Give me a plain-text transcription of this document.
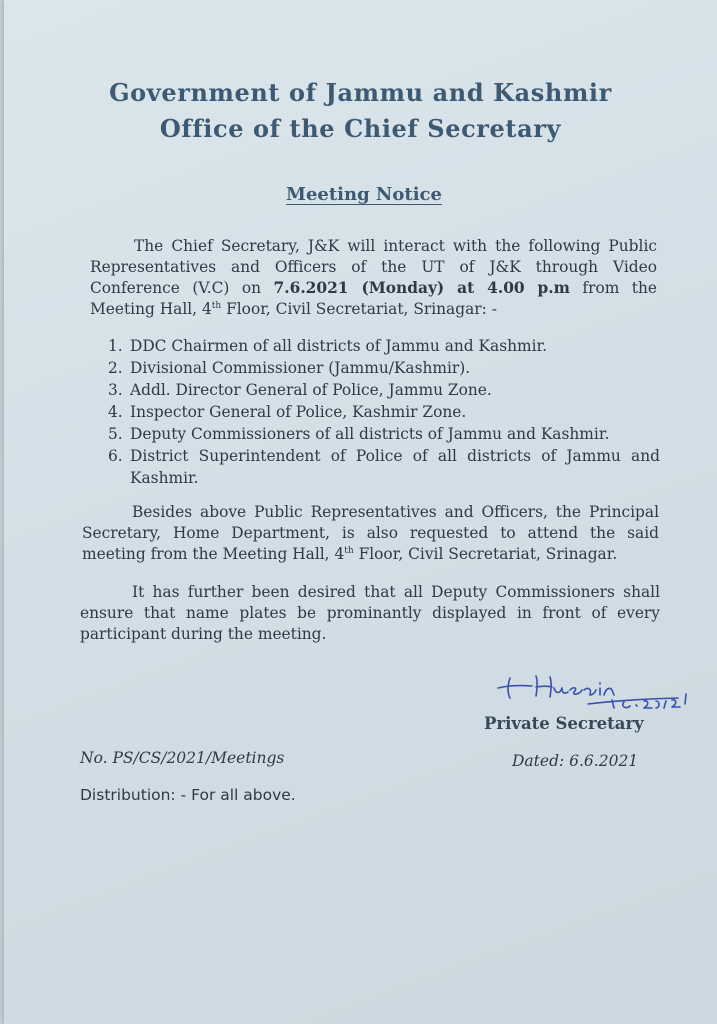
Government of Jammu and Kashmir
Office of the Chief Secretary
Meeting Notice
The Chief Secretary, J&K will interact with the following Public Representatives and Officers of the UT of J&K through Video Conference (V.C) on 7.6.2021 (Monday) at 4.00 p.m from the Meeting Hall, 4th Floor, Civil Secretariat, Srinagar: -
1. DDC Chairmen of all districts of Jammu and Kashmir.
2. Divisional Commissioner (Jammu/Kashmir).
3. Addl. Director General of Police, Jammu Zone.
4. Inspector General of Police, Kashmir Zone.
5. Deputy Commissioners of all districts of Jammu and Kashmir.
6. District Superintendent of Police of all districts of Jammu and Kashmir.
Besides above Public Representatives and Officers, the Principal Secretary, Home Department, is also requested to attend the said meeting from the Meeting Hall, 4th Floor, Civil Secretariat, Srinagar.
It has further been desired that all Deputy Commissioners shall ensure that name plates be prominantly displayed in front of every participant during the meeting.
Private Secretary
No. PS/CS/2021/Meetings	Dated: 6.6.2021
Distribution: - For all above.
